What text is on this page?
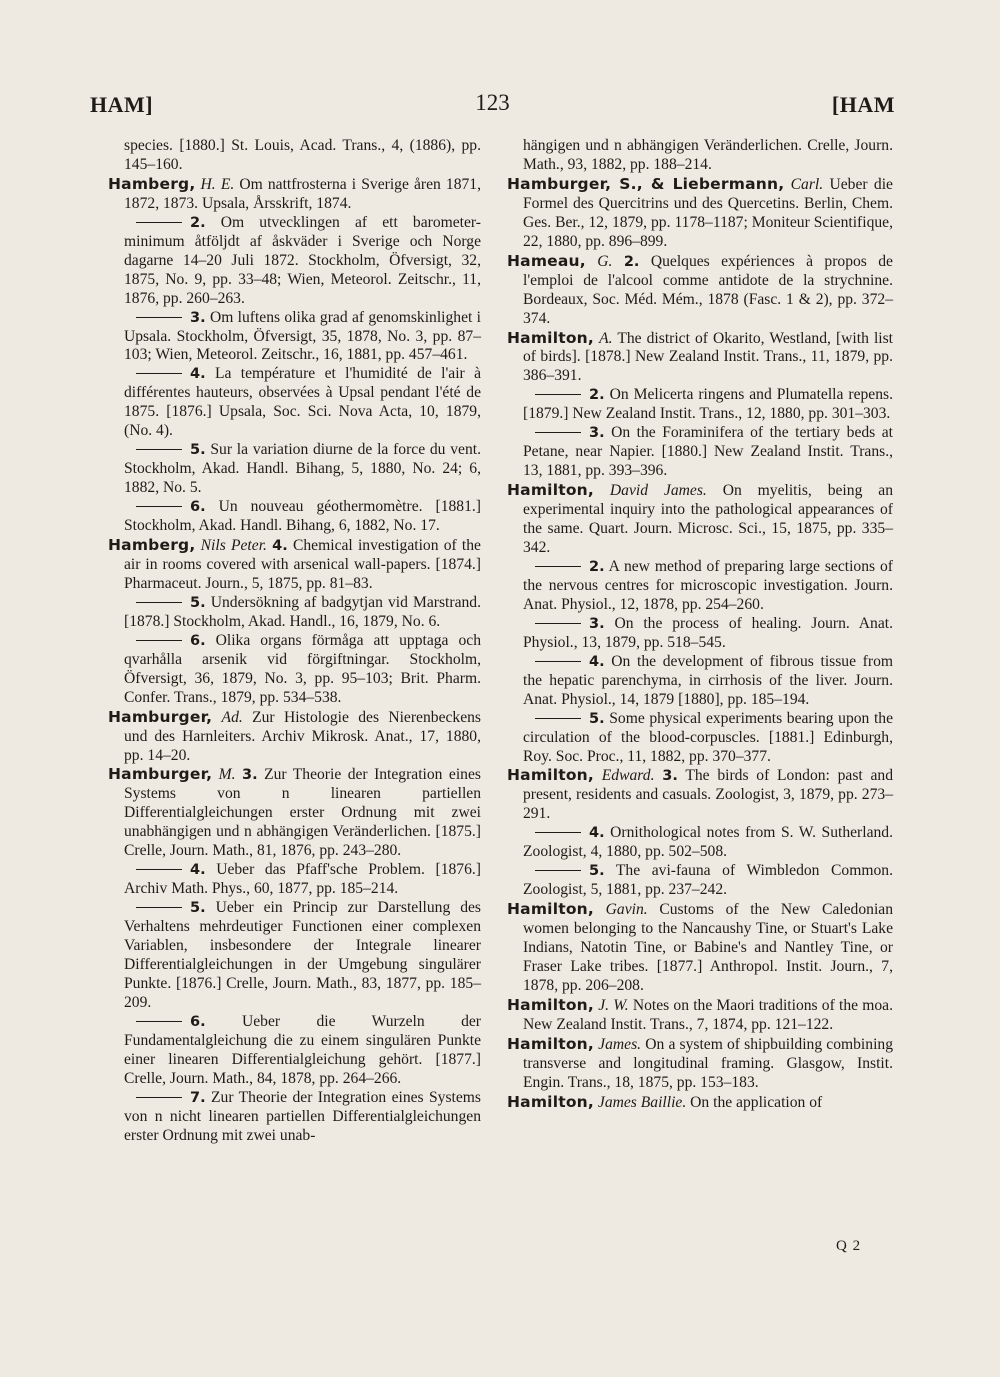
HAM]	123	[HAM

species. [1880.] St. Louis, Acad. Trans., 4, (1886), pp. 145–160.

Hamberg, H. E. Om nattfrosterna i Sverige åren 1871, 1872, 1873. Upsala, Årsskrift, 1874.

2. Om utvecklingen af ett barometer-minimum åtföljdt af åskväder i Sverige och Norge dagarne 14–20 Juli 1872. Stockholm, Öfversigt, 32, 1875, No. 9, pp. 33–48; Wien, Meteorol. Zeitschr., 11, 1876, pp. 260–263.

3. Om luftens olika grad af genomskinlighet i Upsala. Stockholm, Öfversigt, 35, 1878, No. 3, pp. 87–103; Wien, Meteorol. Zeitschr., 16, 1881, pp. 457–461.

4. La température et l'humidité de l'air à différentes hauteurs, observées à Upsal pendant l'été de 1875. [1876.] Upsala, Soc. Sci. Nova Acta, 10, 1879, (No. 4).

5. Sur la variation diurne de la force du vent. Stockholm, Akad. Handl. Bihang, 5, 1880, No. 24; 6, 1882, No. 5.

6. Un nouveau géothermomètre. [1881.] Stockholm, Akad. Handl. Bihang, 6, 1882, No. 17.

Hamberg, Nils Peter. 4. Chemical investigation of the air in rooms covered with arsenical wall-papers. [1874.] Pharmaceut. Journ., 5, 1875, pp. 81–83.

5. Undersökning af badgytjan vid Marstrand. [1878.] Stockholm, Akad. Handl., 16, 1879, No. 6.

6. Olika organs förmåga att upptaga och qvarhålla arsenik vid förgiftningar. Stockholm, Öfversigt, 36, 1879, No. 3, pp. 95–103; Brit. Pharm. Confer. Trans., 1879, pp. 534–538.

Hamburger, Ad. Zur Histologie des Nierenbeckens und des Harnleiters. Archiv Mikrosk. Anat., 17, 1880, pp. 14–20.

Hamburger, M. 3. Zur Theorie der Integration eines Systems von n linearen partiellen Differentialgleichungen erster Ordnung mit zwei unabhängigen und n abhängigen Veränderlichen. [1875.] Crelle, Journ. Math., 81, 1876, pp. 243–280.

4. Ueber das Pfaff'sche Problem. [1876.] Archiv Math. Phys., 60, 1877, pp. 185–214.

5. Ueber ein Princip zur Darstellung des Verhaltens mehrdeutiger Functionen einer complexen Variablen, insbesondere der Integrale linearer Differentialgleichungen in der Umgebung singulärer Punkte. [1876.] Crelle, Journ. Math., 83, 1877, pp. 185–209.

6. Ueber die Wurzeln der Fundamentalgleichung die zu einem singulären Punkte einer linearen Differentialgleichung gehört. [1877.] Crelle, Journ. Math., 84, 1878, pp. 264–266.

7. Zur Theorie der Integration eines Systems von n nicht linearen partiellen Differentialgleichungen erster Ordnung mit zwei unab-

hängigen und n abhängigen Veränderlichen. Crelle, Journ. Math., 93, 1882, pp. 188–214.

Hamburger, S., & Liebermann, Carl. Ueber die Formel des Quercitrins und des Quercetins. Berlin, Chem. Ges. Ber., 12, 1879, pp. 1178–1187; Moniteur Scientifique, 22, 1880, pp. 896–899.

Hameau, G. 2. Quelques expériences à propos de l'emploi de l'alcool comme antidote de la strychnine. Bordeaux, Soc. Méd. Mém., 1878 (Fasc. 1 & 2), pp. 372–374.

Hamilton, A. The district of Okarito, Westland, [with list of birds]. [1878.] New Zealand Instit. Trans., 11, 1879, pp. 386–391.

2. On Melicerta ringens and Plumatella repens. [1879.] New Zealand Instit. Trans., 12, 1880, pp. 301–303.

3. On the Foraminifera of the tertiary beds at Petane, near Napier. [1880.] New Zealand Instit. Trans., 13, 1881, pp. 393–396.

Hamilton, David James. On myelitis, being an experimental inquiry into the pathological appearances of the same. Quart. Journ. Microsc. Sci., 15, 1875, pp. 335–342.

2. A new method of preparing large sections of the nervous centres for microscopic investigation. Journ. Anat. Physiol., 12, 1878, pp. 254–260.

3. On the process of healing. Journ. Anat. Physiol., 13, 1879, pp. 518–545.

4. On the development of fibrous tissue from the hepatic parenchyma, in cirrhosis of the liver. Journ. Anat. Physiol., 14, 1879 [1880], pp. 185–194.

5. Some physical experiments bearing upon the circulation of the blood-corpuscles. [1881.] Edinburgh, Roy. Soc. Proc., 11, 1882, pp. 370–377.

Hamilton, Edward. 3. The birds of London: past and present, residents and casuals. Zoologist, 3, 1879, pp. 273–291.

4. Ornithological notes from S. W. Sutherland. Zoologist, 4, 1880, pp. 502–508.

5. The avi-fauna of Wimbledon Common. Zoologist, 5, 1881, pp. 237–242.

Hamilton, Gavin. Customs of the New Caledonian women belonging to the Nancaushy Tine, or Stuart's Lake Indians, Natotin Tine, or Babine's and Nantley Tine, or Fraser Lake tribes. [1877.] Anthropol. Instit. Journ., 7, 1878, pp. 206–208.

Hamilton, J. W. Notes on the Maori traditions of the moa. New Zealand Instit. Trans., 7, 1874, pp. 121–122.

Hamilton, James. On a system of shipbuilding combining transverse and longitudinal framing. Glasgow, Instit. Engin. Trans., 18, 1875, pp. 153–183.

Hamilton, James Baillie. On the application of

Q 2
